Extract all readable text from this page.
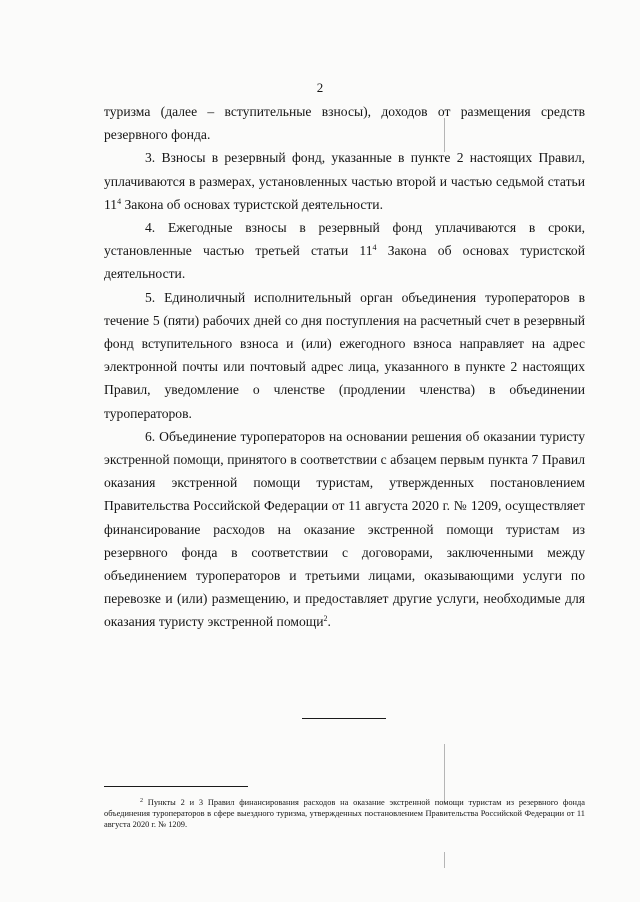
2

туризма (далее – вступительные взносы), доходов от размещения средств резервного фонда.

3. Взносы в резервный фонд, указанные в пункте 2 настоящих Правил, уплачиваются в размерах, установленных частью второй и частью седьмой статьи $11^4$ Закона об основах туристской деятельности.

4. Ежегодные взносы в резервный фонд уплачиваются в сроки, установленные частью третьей статьи $11^4$ Закона об основах туристской деятельности.

5. Единоличный исполнительный орган объединения туроператоров в течение 5 (пяти) рабочих дней со дня поступления на расчетный счет в резервный фонд вступительного взноса и (или) ежегодного взноса направляет на адрес электронной почты или почтовый адрес лица, указанного в пункте 2 настоящих Правил, уведомление о членстве (продлении членства) в объединении туроператоров.

6. Объединение туроператоров на основании решения об оказании туристу экстренной помощи, принятого в соответствии с абзацем первым пункта 7 Правил оказания экстренной помощи туристам, утвержденных постановлением Правительства Российской Федерации от 11 августа 2020 г. № 1209, осуществляет финансирование расходов на оказание экстренной помощи туристам из резервного фонда в соответствии с договорами, заключенными между объединением туроператоров и третьими лицами, оказывающими услуги по перевозке и (или) размещению, и предоставляет другие услуги, необходимые для оказания туристу экстренной помощи$^2$.

$^2$ Пункты 2 и 3 Правил финансирования расходов на оказание экстренной помощи туристам из резервного фонда объединения туроператоров в сфере выездного туризма, утвержденных постановлением Правительства Российской Федерации от 11 августа 2020 г. № 1209.
